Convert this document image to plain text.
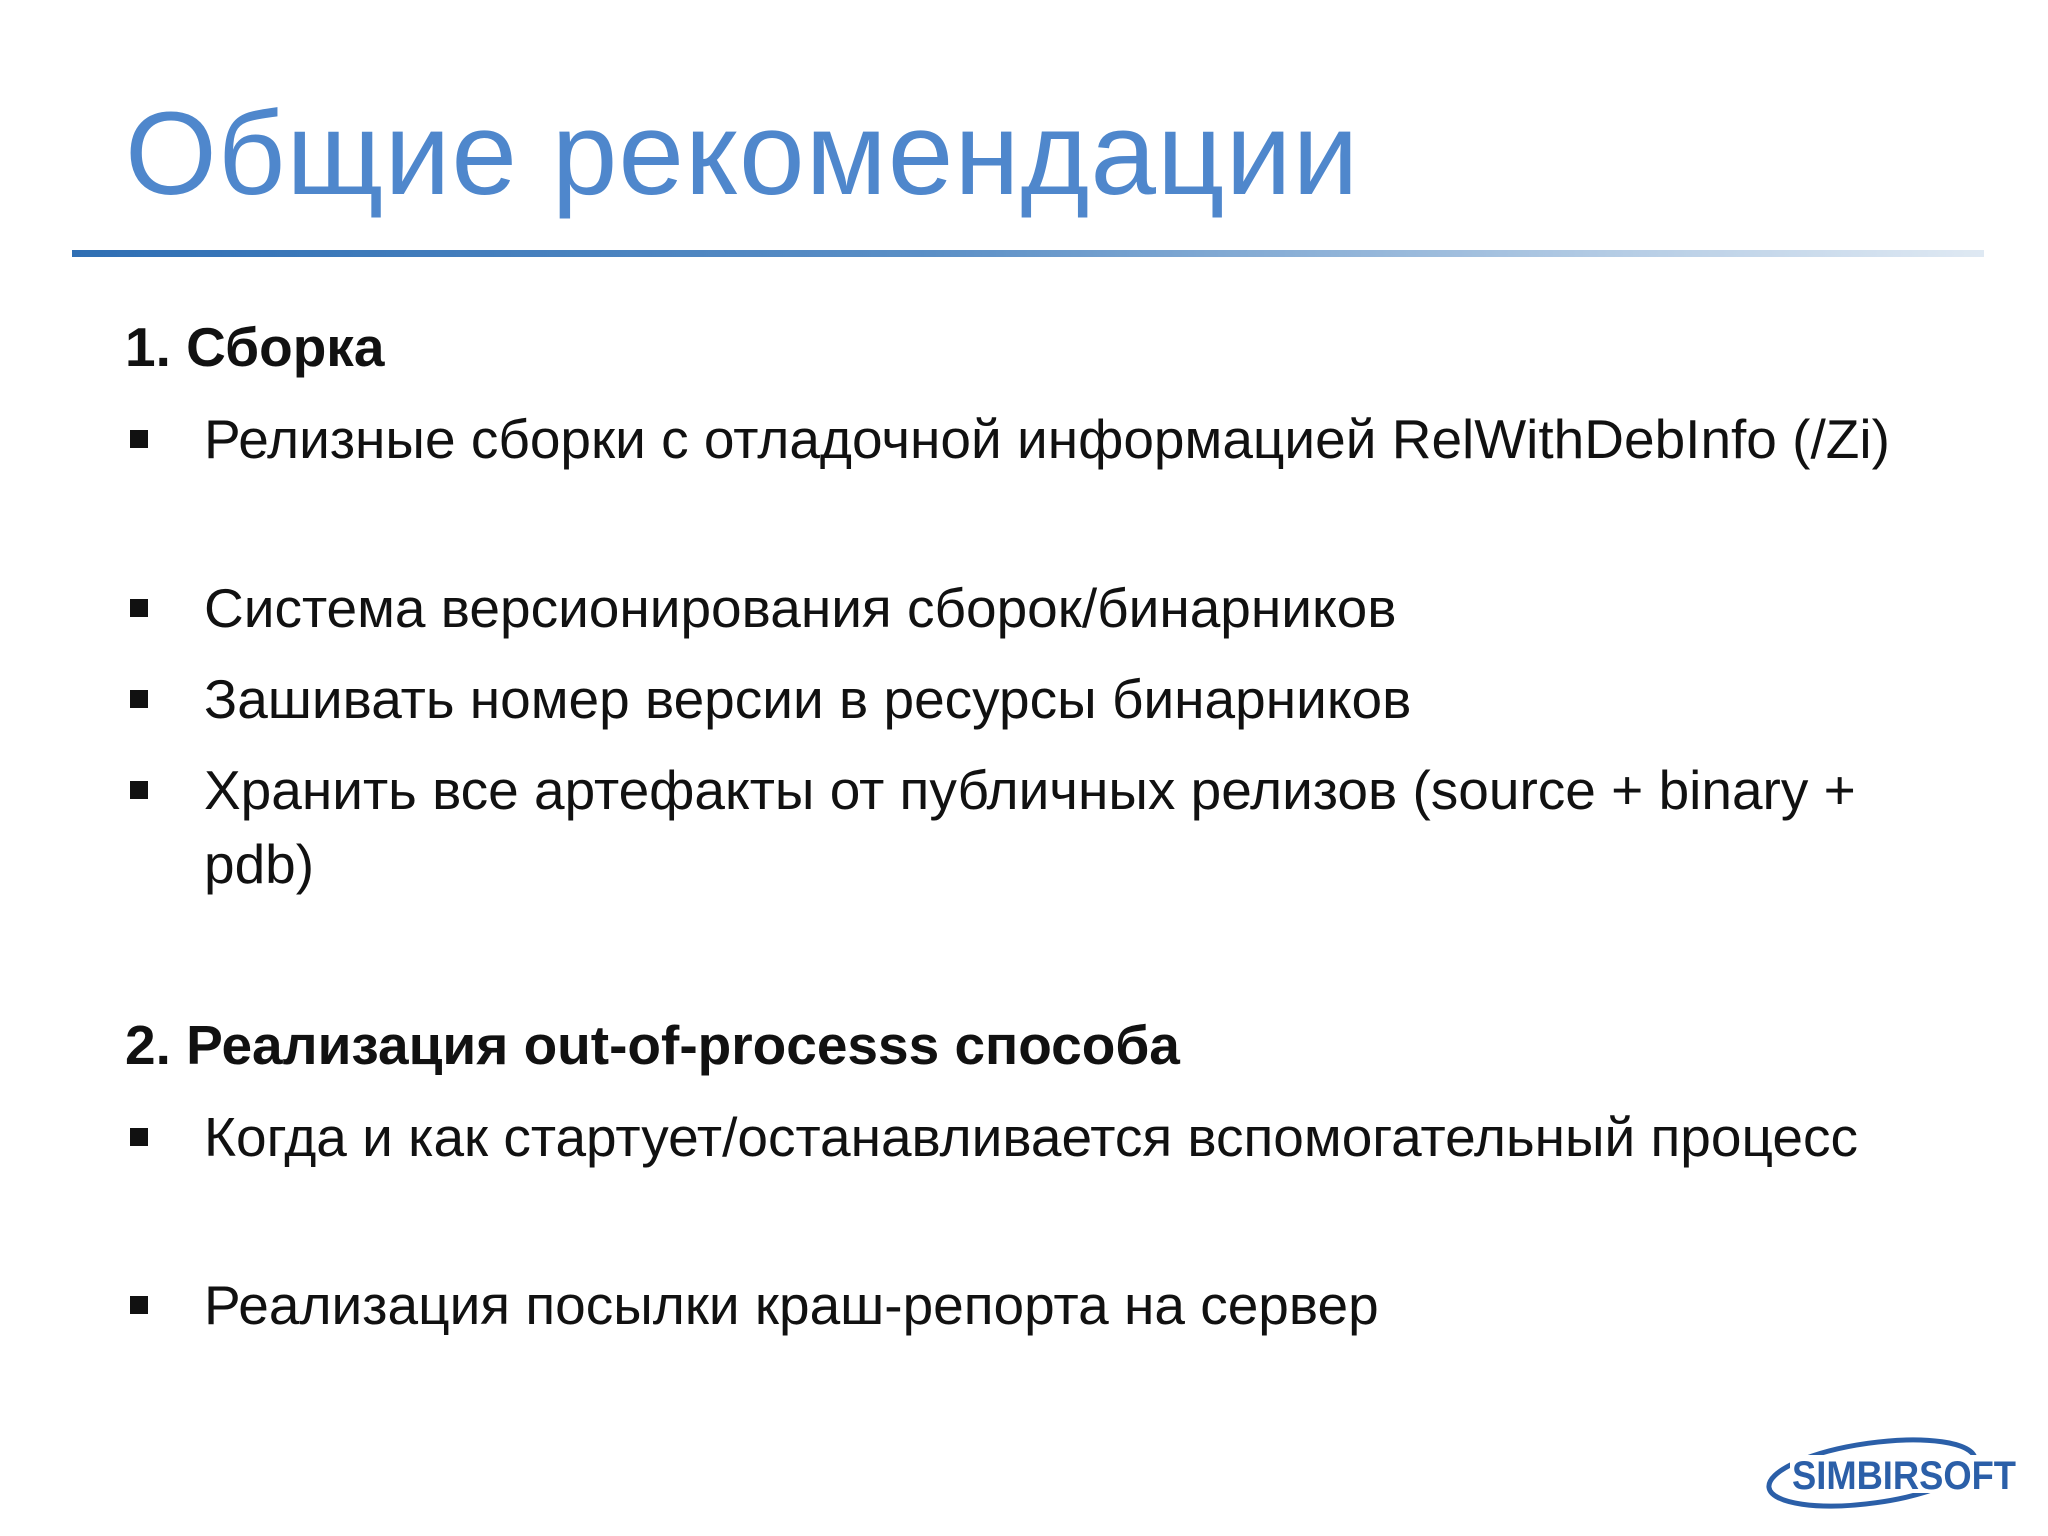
Общие рекомендации
1. Сборка
Релизные сборки с отладочной информацией RelWithDebInfo (/Zi)
Система версионирования сборок/бинарников
Зашивать номер версии в ресурсы бинарников
Хранить все артефакты от публичных релизов (source + binary + pdb)
2. Реализация out-of-processs способа
Когда и как стартует/останавливается вспомогательный процесс
Реализация посылки краш-репорта на сервер
SIMBIRSOFT
